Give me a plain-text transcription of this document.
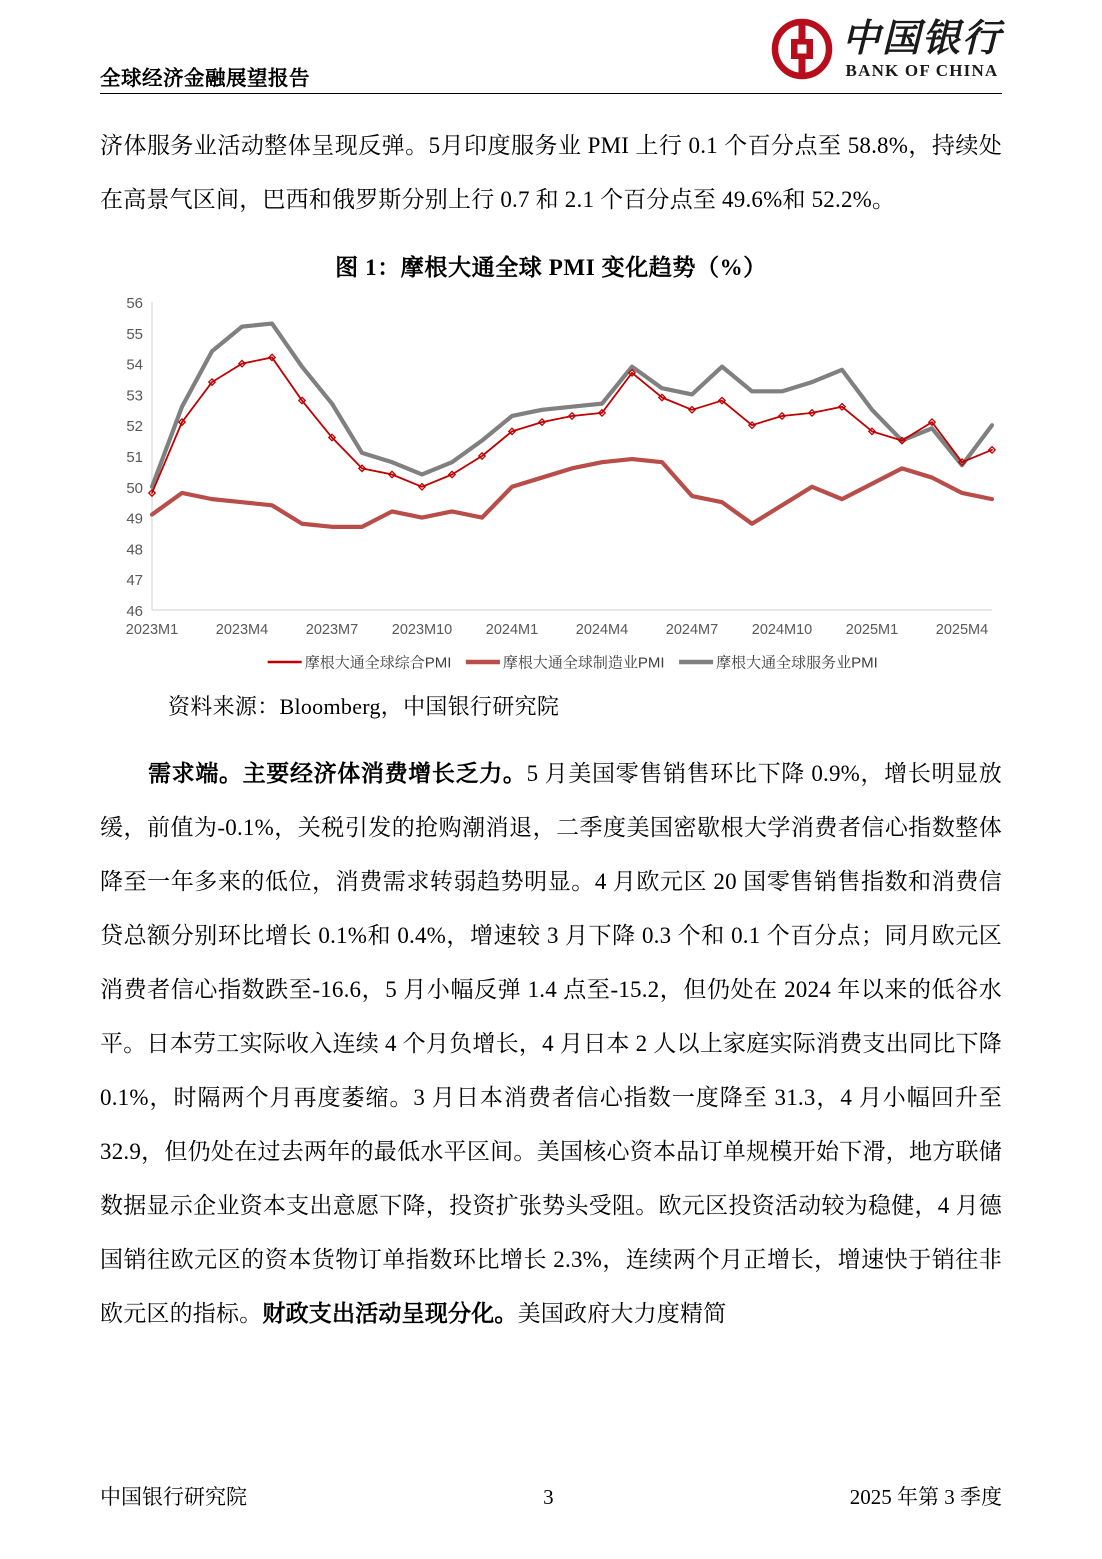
中国银行
BANK OF CHINA
全球经济金融展望报告

济体服务业活动整体呈现反弹。5月印度服务业 PMI 上行 0.1 个百分点至 58.8%，持续处在高景气区间，巴西和俄罗斯分别上行 0.7 和 2.1 个百分点至 49.6%和 52.2%。

图 1：摩根大通全球 PMI 变化趋势（%）
46
47
48
49
50
51
52
53
54
55
56
2023M1	2023M4	2023M7 2023M10 2024M1	2024M4	2024M7 2024M10 2025M1	2025M4
摩根大通全球综合PMI	摩根大通全球制造业PMI	摩根大通全球服务业PMI
资料来源：Bloomberg，中国银行研究院

需求端。主要经济体消费增长乏力。5 月美国零售销售环比下降 0.9%，增长明显放缓，前值为-0.1%，关税引发的抢购潮消退，二季度美国密歇根大学消费者信心指数整体降至一年多来的低位，消费需求转弱趋势明显。4 月欧元区 20 国零售销售指数和消费信贷总额分别环比增长 0.1%和 0.4%，增速较 3 月下降 0.3 个和 0.1 个百分点；同月欧元区消费者信心指数跌至-16.6，5 月小幅反弹 1.4 点至-15.2，但仍处在 2024 年以来的低谷水平。日本劳工实际收入连续 4 个月负增长，4 月日本 2 人以上家庭实际消费支出同比下降 0.1%，时隔两个月再度萎缩。3 月日本消费者信心指数一度降至 31.3，4 月小幅回升至 32.9，但仍处在过去两年的最低水平区间。美国核心资本品订单规模开始下滑，地方联储数据显示企业资本支出意愿下降，投资扩张势头受阻。欧元区投资活动较为稳健，4 月德国销往欧元区的资本货物订单指数环比增长 2.3%，连续两个月正增长，增速快于销往非欧元区的指标。财政支出活动呈现分化。美国政府大力度精简

中国银行研究院	3	2025 年第 3 季度
